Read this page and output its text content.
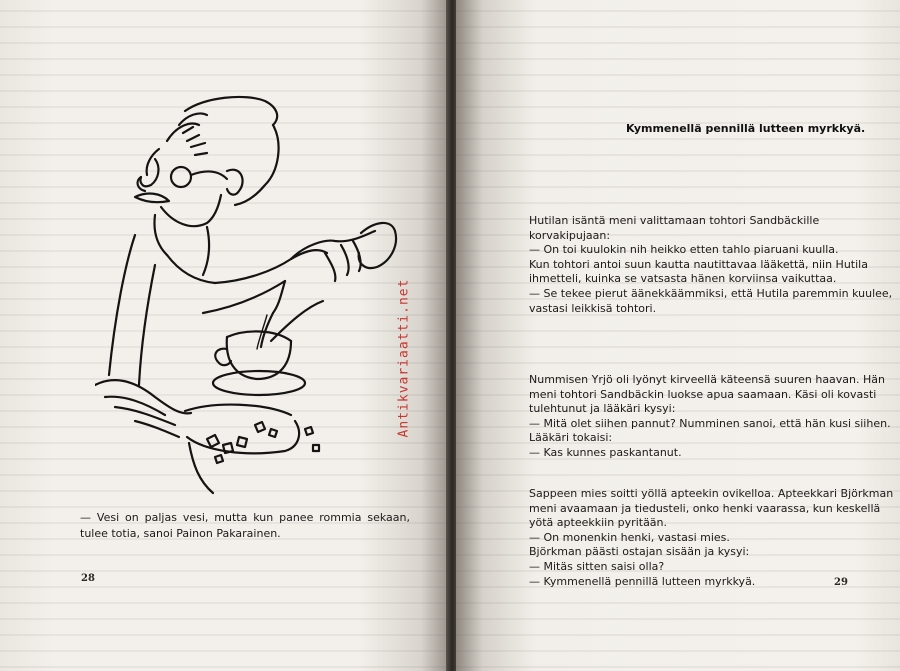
— Vesi on paljas vesi, mutta kun panee rommia sekaan, tulee totia, sanoi Painon Pakarainen.
28
Antikvariaatti.net
Kymmenellä pennillä lutteen myrkkyä.

Hutilan isäntä meni valittamaan tohtori Sandbäckille korvakipujaan:

— On toi kuulokin nih heikko etten tahlo piaruani kuulla.

Kun tohtori antoi suun kautta nautittavaa lääkettä, niin Hutila ihmetteli, kuinka se vatsasta hänen korviinsa vaikuttaa.

— Se tekee pierut äänekkäämmiksi, että Hutila paremmin kuulee, vastasi leikkisä tohtori.

Nummisen Yrjö oli lyönyt kirveellä käteensä suuren haavan. Hän meni tohtori Sandbäckin luokse apua saamaan. Käsi oli kovasti tulehtunut ja lääkäri kysyi:

— Mitä olet siihen pannut? Numminen sanoi, että hän kusi siihen. Lääkäri tokaisi:

— Kas kunnes paskantanut.

Sappeen mies soitti yöllä apteekin ovikelloa. Apteekkari Björkman meni avaamaan ja tiedusteli, onko henki vaarassa, kun keskellä yötä apteekkiin pyritään.

— On monenkin henki, vastasi mies.

Björkman päästi ostajan sisään ja kysyi:

— Mitäs sitten saisi olla?

— Kymmenellä pennillä lutteen myrkkyä.	29
